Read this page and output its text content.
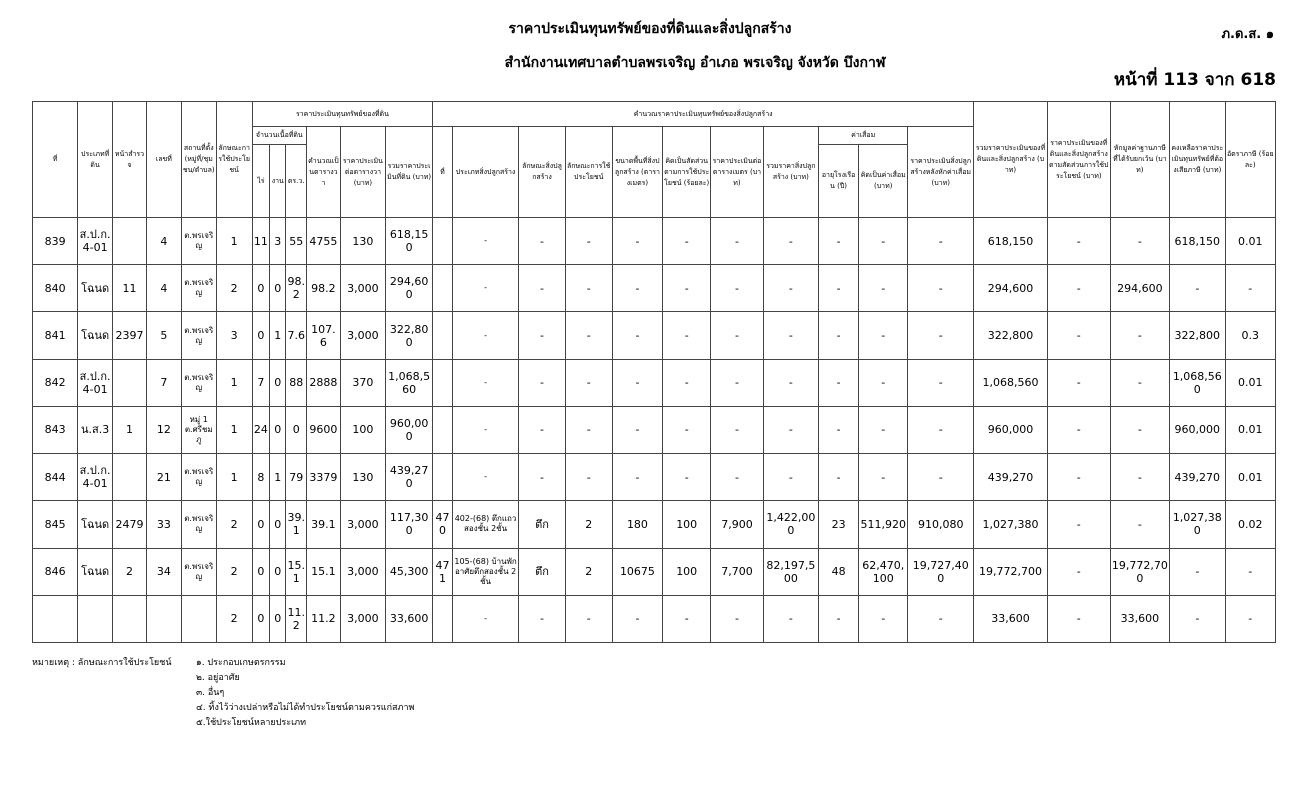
ราคาประเมินทุนทรัพย์ของที่ดินและสิ่งปลูกสร้าง
สำนักงานเทศบาลตำบลพรเจริญ อำเภอ พรเจริญ จังหวัด บึงกาฬ
ภ.ด.ส. ๑
หน้าที่ 113 จาก 618
ที่	ประเภทที่ดิน	หน้าสำรวจ	เลขที่	สถานที่ตั้ง(หมู่ที่/ชุมชน/ตำบล)	ลักษณะการใช้ประโยชน์	ราคาประเมินทุนทรัพย์ของที่ดิน						คำนวณราคาประเมินทุนทรัพย์ของสิ่งปลูกสร้าง											รวมราคาประเมินของที่ดินและสิ่งปลูกสร้าง (บาท)	ราคาประเมินของที่ดินและสิ่งปลูกสร้างตามสัดส่วนการใช้ประโยชน์ (บาท)	หักมูลค่าฐานภาษีที่ได้รับยกเว้น (บาท)	คงเหลือราคาประเมินทุนทรัพย์ที่ต้องเสียภาษี (บาท)	อัตราภาษี (ร้อยละ)
						จำนวนเนื้อที่ดิน			คำนวณเป็นตารางวา	ราคาประเมินต่อตารางวา (บาท)	รวมราคาประเมินที่ดิน (บาท)	ที่	ประเภทสิ่งปลูกสร้าง	ลักษณะสิ่งปลูกสร้าง	ลักษณะการใช้ประโยชน์	ขนาดพื้นที่สิ่งปลูกสร้าง (ตารางเมตร)	คิดเป็นสัดส่วนตามการใช้ประโยชน์ (ร้อยละ)	ราคาประเมินต่อตารางเมตร (บาท)	รวมราคาสิ่งปลูกสร้าง (บาท)	ค่าเสื่อม		ราคาประเมินสิ่งปลูกสร้างหลังหักค่าเสื่อม (บาท)					
						ไร่	งาน	ตร.ว.												อายุโรงเรือน (ปี)	คิดเป็นค่าเสื่อม (บาท)						

839	ส.ป.ก. 4-01		4	ต.พรเจริญ	1	11	3	55	4755	130	618,150		-	-	-	-	-	-	-	-	-	-	618,150	-	-	618,150	0.01
840	โฉนด	11	4	ต.พรเจริญ	2	0	0	98.2	98.2	3,000	294,600		-	-	-	-	-	-	-	-	-	-	294,600	-	294,600	-	-
841	โฉนด	2397	5	ต.พรเจริญ	3	0	1	7.6	107.6	3,000	322,800		-	-	-	-	-	-	-	-	-	-	322,800	-	-	322,800	0.3
842	ส.ป.ก. 4-01		7	ต.พรเจริญ	1	7	0	88	2888	370	1,068,560		-	-	-	-	-	-	-	-	-	-	1,068,560	-	-	1,068,560	0.01
843	น.ส.3	1	12	หมู่ 1 ต.ศรีชมภู	1	24	0	0	9600	100	960,000		-	-	-	-	-	-	-	-	-	-	960,000	-	-	960,000	0.01
844	ส.ป.ก. 4-01		21	ต.พรเจริญ	1	8	1	79	3379	130	439,270		-	-	-	-	-	-	-	-	-	-	439,270	-	-	439,270	0.01
845	โฉนด	2479	33	ต.พรเจริญ	2	0	0	39.1	39.1	3,000	117,300	470	402-(68) ตึกแถวสองชั้น 2ชั้น	ตึก	2	180	100	7,900	1,422,000	23	511,920	910,080	1,027,380	-	-	1,027,380	0.02
846	โฉนด	2	34	ต.พรเจริญ	2	0	0	15.1	15.1	3,000	45,300	471	105-(68) บ้านพักอาศัยตึกสองชั้น 2ชั้น	ตึก	2	10675	100	7,700	82,197,500	48	62,470,100	19,727,400	19,772,700	-	19,772,700	-	-
					2	0	0	11.2	11.2	3,000	33,600		-	-	-	-	-	-	-	-	-	-	33,600	-	33,600	-	-
หมายเหตุ : ลักษณะการใช้ประโยชน์	๑. ประกอบเกษตรกรรม
๒. อยู่อาศัย
๓. อื่นๆ
๔. ทิ้งไว้ว่างเปล่าหรือไม่ได้ทำประโยชน์ตามควรแก่สภาพ
๕.ใช้ประโยชน์หลายประเภท
